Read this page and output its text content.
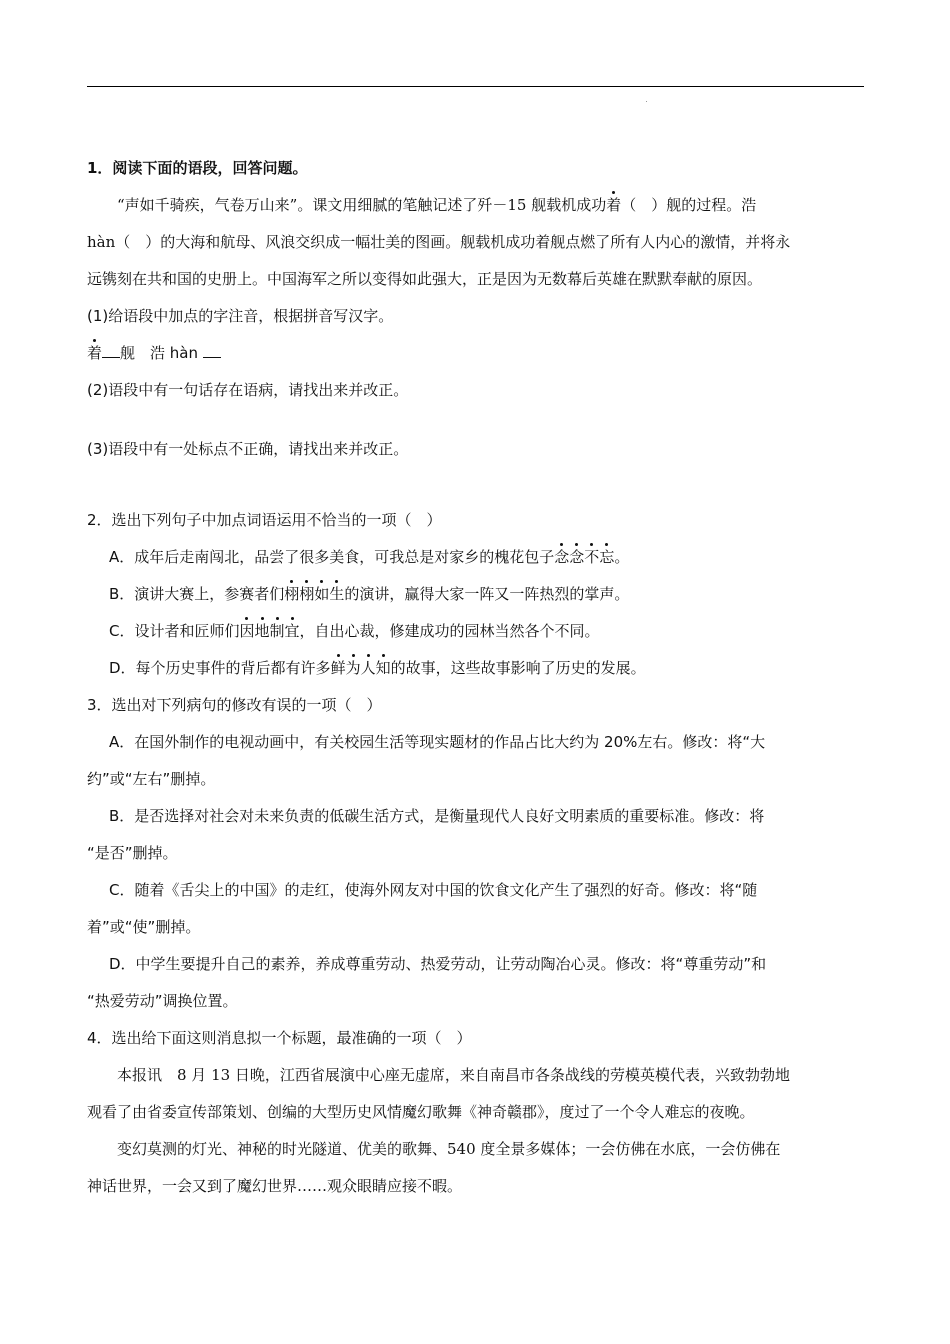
1．阅读下面的语段，回答问题。
“声如千骑疾，气卷万山来”。课文用细腻的笔触记述了歼－15 舰载机成功着（　）舰的过程。浩
hàn（　）的大海和航母、风浪交织成一幅壮美的图画。舰载机成功着舰点燃了所有人内心的激情，并将永
远镌刻在共和国的史册上。中国海军之所以变得如此强大，正是因为无数幕后英雄在默默奉献的原因。
(1)给语段中加点的字注音，根据拼音写汉字。
着 舰　浩 hàn
(2)语段中有一句话存在语病，请找出来并改正。
(3)语段中有一处标点不正确，请找出来并改正。
2．选出下列句子中加点词语运用不恰当的一项（　）
A．成年后走南闯北，品尝了很多美食，可我总是对家乡的槐花包子念念不忘。
B．演讲大赛上，参赛者们栩栩如生的演讲，赢得大家一阵又一阵热烈的掌声。
C．设计者和匠师们因地制宜，自出心裁，修建成功的园林当然各个不同。
D．每个历史事件的背后都有许多鲜为人知的故事，这些故事影响了历史的发展。
3．选出对下列病句的修改有误的一项（　）
A．在国外制作的电视动画中，有关校园生活等现实题材的作品占比大约为 20%左右。修改：将“大
约”或“左右”删掉。
B．是否选择对社会对未来负责的低碳生活方式，是衡量现代人良好文明素质的重要标准。修改：将
“是否”删掉。
C．随着《舌尖上的中国》的走红，使海外网友对中国的饮食文化产生了强烈的好奇。修改：将“随
着”或“使”删掉。
D．中学生要提升自己的素养，养成尊重劳动、热爱劳动，让劳动陶冶心灵。修改：将“尊重劳动”和
“热爱劳动”调换位置。
4．选出给下面这则消息拟一个标题，最准确的一项（　）
本报讯　8 月 13 日晚，江西省展演中心座无虚席，来自南昌市各条战线的劳模英模代表，兴致勃勃地
观看了由省委宣传部策划、创编的大型历史风情魔幻歌舞《神奇赣郡》，度过了一个令人难忘的夜晚。
变幻莫测的灯光、神秘的时光隧道、优美的歌舞、540 度全景多媒体；一会仿佛在水底，一会仿佛在
神话世界，一会又到了魔幻世界……观众眼睛应接不暇。
